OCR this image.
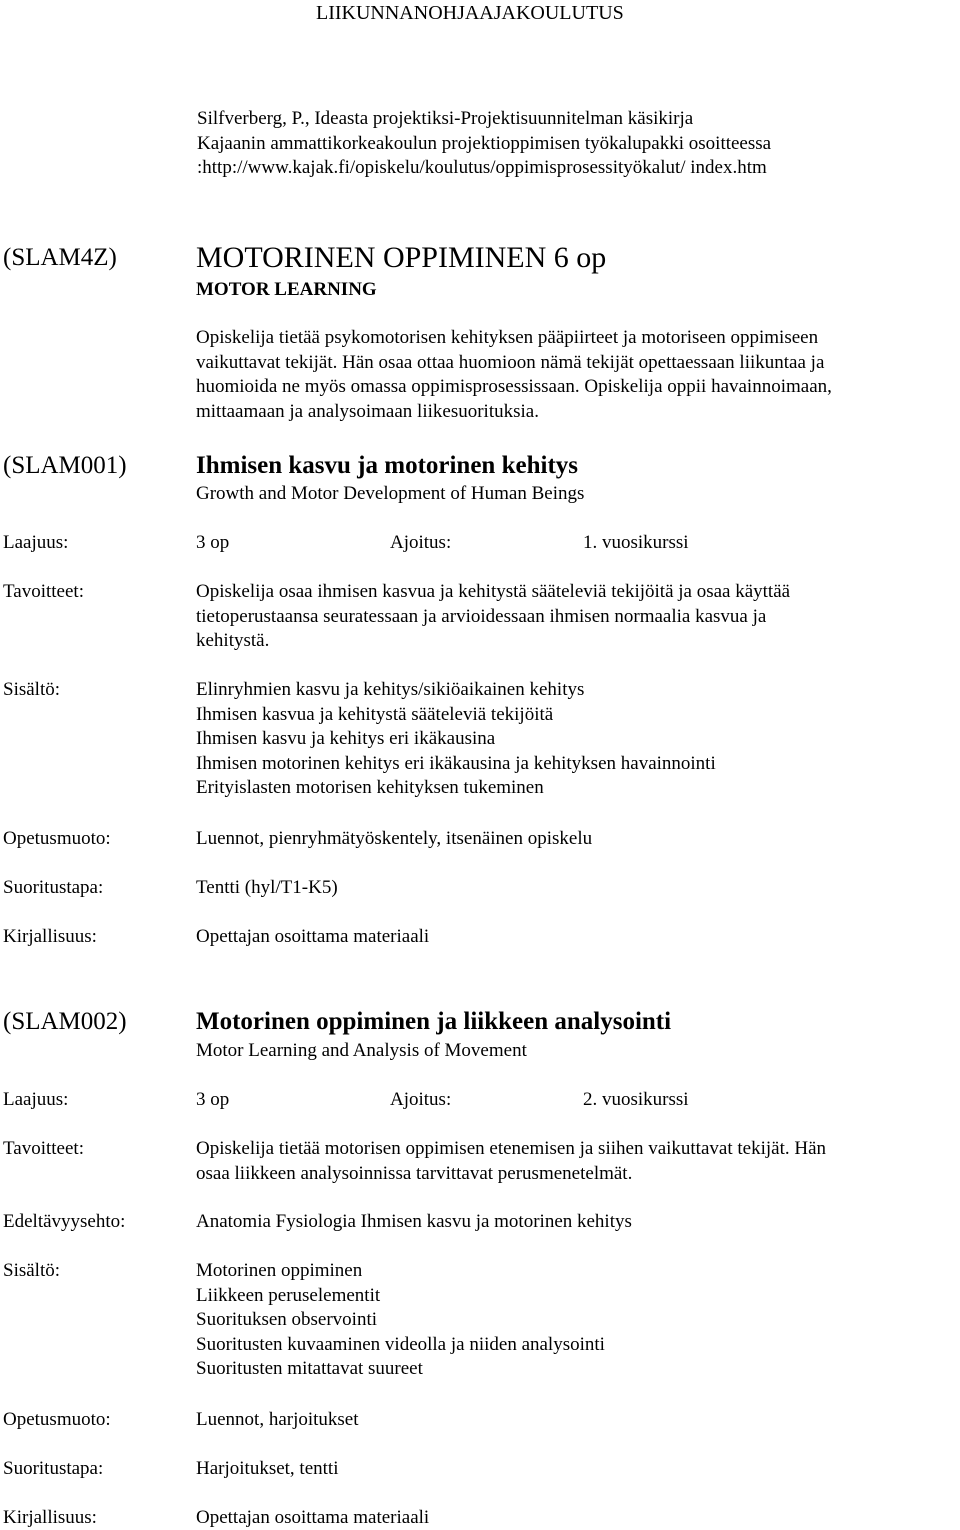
LIIKUNNANOHJAAJAKOULUTUS
Silfverberg, P., Ideasta projektiksi-Projektisuunnitelman käsikirja
Kajaanin ammattikorkeakoulun projektioppimisen työkalupakki osoitteessa
:http://www.kajak.fi/opiskelu/koulutus/oppimisprosessityökalut/ index.htm
(SLAM4Z)	MOTORINEN OPPIMINEN 6 op
MOTOR LEARNING
Opiskelija tietää psykomotorisen kehityksen pääpiirteet ja motoriseen oppimiseen
vaikuttavat tekijät. Hän osaa ottaa huomioon nämä tekijät opettaessaan liikuntaa ja
huomioida ne myös omassa oppimisprosessissaan. Opiskelija oppii havainnoimaan,
mittaamaan ja analysoimaan liikesuorituksia.
(SLAM001)	Ihmisen kasvu ja motorinen kehitys
Growth and Motor Development of Human Beings
Laajuus:	3 op	Ajoitus:	1. vuosikurssi
Tavoitteet:	Opiskelija osaa ihmisen kasvua ja kehitystä sääteleviä tekijöitä ja osaa käyttää
tietoperustaansa seuratessaan ja arvioidessaan ihmisen normaalia kasvua ja
kehitystä.
Sisältö:	Elinryhmien kasvu ja kehitys/sikiöaikainen kehitys
Ihmisen kasvua ja kehitystä sääteleviä tekijöitä
Ihmisen kasvu ja kehitys eri ikäkausina
Ihmisen motorinen kehitys eri ikäkausina ja kehityksen havainnointi
Erityislasten motorisen kehityksen tukeminen
Opetusmuoto:	Luennot, pienryhmätyöskentely, itsenäinen opiskelu
Suoritustapa:	Tentti (hyl/T1-K5)
Kirjallisuus:	Opettajan osoittama materiaali
(SLAM002)	Motorinen oppiminen ja liikkeen analysointi
Motor Learning and Analysis of Movement
Laajuus:	3 op	Ajoitus:	2. vuosikurssi
Tavoitteet:	Opiskelija tietää motorisen oppimisen etenemisen ja siihen vaikuttavat tekijät. Hän
osaa liikkeen analysoinnissa tarvittavat perusmenetelmät.
Edeltävyysehto:	Anatomia Fysiologia Ihmisen kasvu ja motorinen kehitys
Sisältö:	Motorinen oppiminen
Liikkeen peruselementit
Suorituksen observointi
Suoritusten kuvaaminen videolla ja niiden analysointi
Suoritusten mitattavat suureet
Opetusmuoto:	Luennot, harjoitukset
Suoritustapa:	Harjoitukset, tentti
Kirjallisuus:	Opettajan osoittama materiaali
